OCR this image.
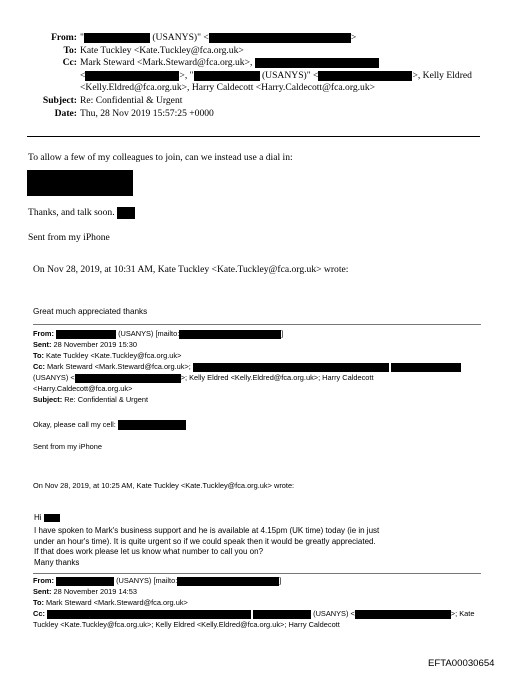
From: "	(USANYS)" <	>
To: Kate Tuckley <Kate.Tuckley@fca.org.uk>
Cc: Mark Steward <Mark.Steward@fca.org.uk>,
<	>, "	(USANYS)" <	>, Kelly Eldred
<Kelly.Eldred@fca.org.uk>, Harry Caldecott <Harry.Caldecott@fca.org.uk>
Subject: Re: Confidential & Urgent
Date: Thu, 28 Nov 2019 15:57:25 +0000
To allow a few of my colleagues to join, can we instead use a dial in:
Thanks, and talk soon.
Sent from my iPhone
On Nov 28, 2019, at 10:31 AM, Kate Tuckley <Kate.Tuckley@fca.org.uk> wrote:
Great much appreciated thanks
From:	(USANYS) [mailto:	]
Sent: 28 November 2019 15:30
To: Kate Tuckley <Kate.Tuckley@fca.org.uk>
Cc: Mark Steward <Mark.Steward@fca.org.uk>;
(USANYS) <	>; Kelly Eldred <Kelly.Eldred@fca.org.uk>; Harry Caldecott
<Harry.Caldecott@fca.org.uk>
Subject: Re: Confidential & Urgent
Okay, please call my cell:
Sent from my iPhone
On Nov 28, 2019, at 10:25 AM, Kate Tuckley <Kate.Tuckley@fca.org.uk> wrote:
Hi
I have spoken to Mark's business support and he is available at 4.15pm (UK time) today (ie in just
under an hour's time). It is quite urgent so if we could speak then it would be greatly appreciated.
If that does work please let us know what number to call you on?
Many thanks
From:	(USANYS) [mailto:	]
Sent: 28 November 2019 14:53
To: Mark Steward <Mark.Steward@fca.org.uk>
Cc:	(USANYS) <	>; Kate
Tuckley <Kate.Tuckley@fca.org.uk>; Kelly Eldred <Kelly.Eldred@fca.org.uk>; Harry Caldecott
EFTA00030654
